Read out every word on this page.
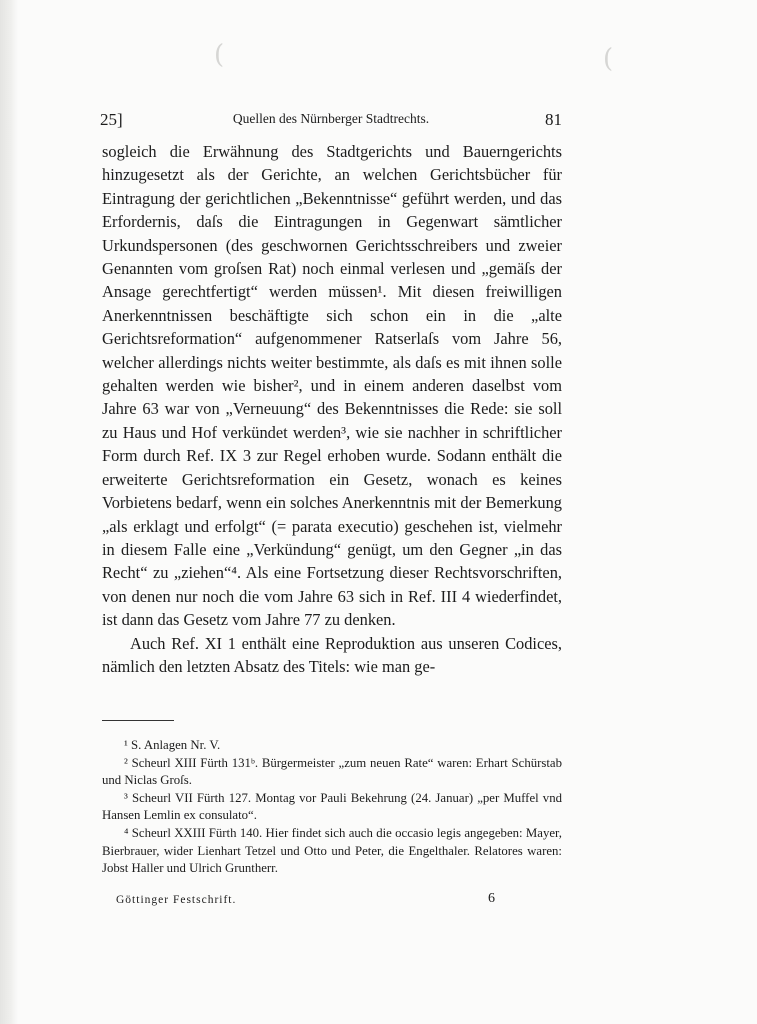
(	(
25]	Quellen des Nürnberger Stadtrechts.	81

sogleich die Erwähnung des Stadtgerichts und Bauerngerichts hinzugesetzt als der Gerichte, an welchen Gerichtsbücher für Eintragung der gerichtlichen „Bekenntnisse“ geführt werden, und das Erfordernis, daſs die Eintragungen in Gegenwart sämtlicher Urkundspersonen (des geschwornen Gerichtsschreibers und zweier Genannten vom groſsen Rat) noch einmal verlesen und „gemäſs der Ansage gerechtfertigt“ werden müssen¹. Mit diesen freiwilligen Anerkenntnissen beschäftigte sich schon ein in die „alte Gerichtsreformation“ aufgenommener Ratserlaſs vom Jahre 56, welcher allerdings nichts weiter bestimmte, als daſs es mit ihnen solle gehalten werden wie bisher², und in einem anderen daselbst vom Jahre 63 war von „Verneuung“ des Bekenntnisses die Rede: sie soll zu Haus und Hof verkündet werden³, wie sie nachher in schriftlicher Form durch Ref. IX 3 zur Regel erhoben wurde. Sodann enthält die erweiterte Gerichtsreformation ein Gesetz, wonach es keines Vorbietens bedarf, wenn ein solches Anerkenntnis mit der Bemerkung „als erklagt und erfolgt“ (= parata executio) geschehen ist, vielmehr in diesem Falle eine „Verkündung“ genügt, um den Gegner „in das Recht“ zu „ziehen“⁴. Als eine Fortsetzung dieser Rechtsvorschriften, von denen nur noch die vom Jahre 63 sich in Ref. III 4 wiederfindet, ist dann das Gesetz vom Jahre 77 zu denken.

Auch Ref. XI 1 enthält eine Reproduktion aus unseren Codices, nämlich den letzten Absatz des Titels: wie man ge-

¹ S. Anlagen Nr. V.

² Scheurl XIII Fürth 131ᵇ. Bürgermeister „zum neuen Rate“ waren: Erhart Schürstab und Niclas Groſs.

³ Scheurl VII Fürth 127. Montag vor Pauli Bekehrung (24. Januar) „per Muffel vnd Hansen Lemlin ex consulato“.

⁴ Scheurl XXIII Fürth 140. Hier findet sich auch die occasio legis angegeben: Mayer, Bierbrauer, wider Lienhart Tetzel und Otto und Peter, die Engelthaler. Relatores waren: Jobst Haller und Ulrich Gruntherr.

Göttinger Festschrift.	6
